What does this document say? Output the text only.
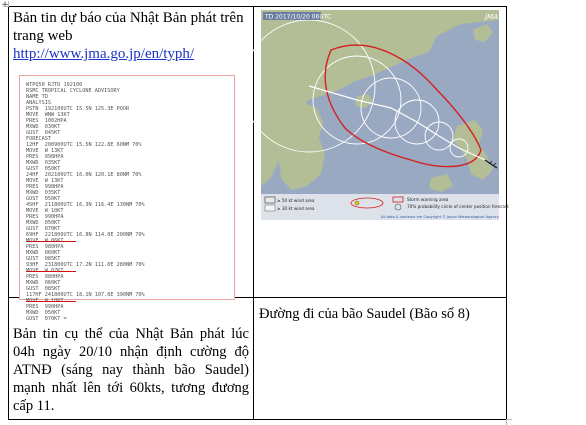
+
Bản tin dự báo của Nhật Bản phát trên trang web
http://www.jma.go.jp/en/typh/
WTPQ50 RJTD 192100
RSMC TROPICAL CYCLONE ADVISORY
NAME TD
ANALYSIS
PSTN  192100UTC 15.5N 125.3E POOR
MOVE  WNW 13KT
PRES  1002HPA
MXWD  030KT
GUST  045KT
FORECAST
12HF  200900UTC 15.5N 122.8E 60NM 70%
MOVE  W 13KT
PRES  998HPA
MXWD  035KT
GUST  050KT
24HF  202100UTC 16.0N 120.1E 80NM 70%
MOVE  W 13KT
PRES  998HPA
MXWD  035KT
GUST  050KT
45HF  211800UTC 16.3N 116.4E 130NM 70%
MOVE  W 10KT
PRES  990HPA
MXWD  050KT
GUST  070KT
69HF  221800UTC 16.8N 114.0E 200NM 70%
PRES  980HPA
MXWD  060KT
GUST  085KT
93HF  231800UTC 17.2N 111.0E 280NM 70%
PRES  980HPA
MXWD  060KT
GUST  085KT
117HF 241800UTC 18.1N 107.0E 390NM 70%
PRES  990HPA
MXWD  050KT
GUST  070KT =
Bản tin cụ thể của Nhật Bản phát lúc 04h ngày 20/10 nhận định cường độ ATNĐ (sáng nay thành bão Saudel) mạnh nhất lên tới 60kts, tương đương cấp 11.
Đường đi của bão Saudel (Bão số 8)
TD 2017/10/20 06UTC	JMA
≥ 50 kt wind area
≥ 30 kt wind area
Storm warning area
70% probability circle of center position forecast
All data & contents are Copyright © Japan Meteorological Agency
